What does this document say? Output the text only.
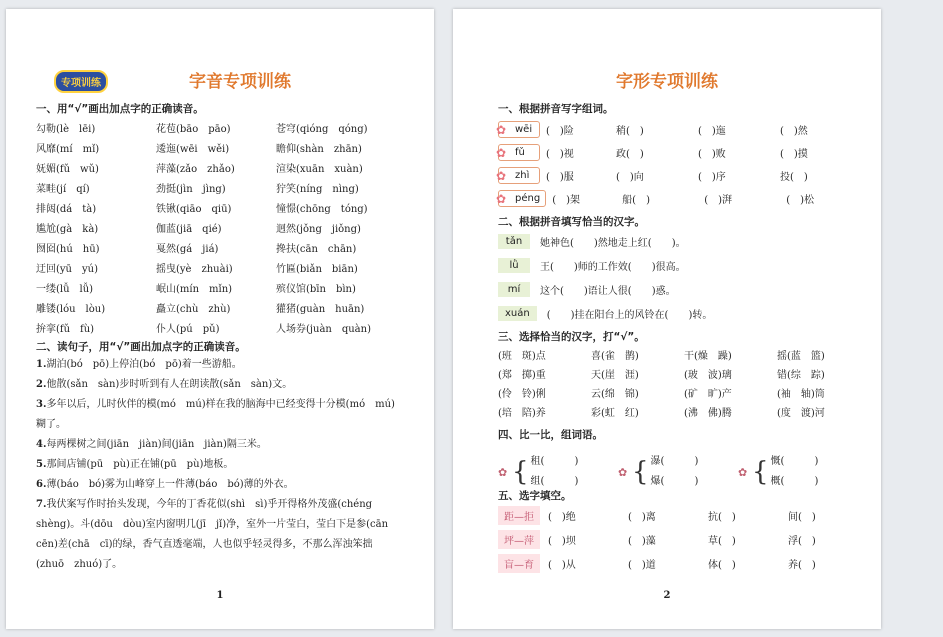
专项训练	字音专项训练
一、用“√”画出加点字的正确读音。
勾勒(lè　lēi)	花苞(bāo　pāo)	苍穹(qióng　qóng)
风靡(mí　mǐ)	逶迤(wēi　wěi)	瞻仰(shàn　zhān)
妩媚(fǔ　wǔ)	萍藻(zǎo　zhǎo)	渲染(xuān　xuàn)
菜畦(jí　qí)	劲挺(jìn　jìng)	狞笑(níng　nìng)
排闼(dá　tà)	铁锹(qiāo　qiū)	憧憬(chōng　tóng)
尴尬(gà　kà)	伽蓝(jiā　qié)	迥然(jǒng　jiǒng)
囫囵(hú　hū)	戛然(gá　jiá)	搀扶(cān　chān)
迂回(yū　yú)	摇曳(yè　zhuài)	竹匾(biǎn　biān)
一缕(lǚ　lǚ)	岷山(mín　mǐn)	殡仪馆(bīn　bìn)
雕镂(lóu　lòu)	矗立(chù　zhù)	獾猪(guàn　huān)
拚挛(fǔ　fù)	仆人(pú　pǔ)	人场券(juàn　quàn)
二、读句子，用“√”画出加点字的正确读音。
1.湖泊(bó　pō)上停泊(bó　pō)着一些游船。
2.他散(sǎn　sàn)步时听到有人在朗读散(sǎn　sàn)文。
3.多年以后，儿时伙伴的模(mó　mú)样在我的脑海中已经变得十分模(mó　mú)糊了。
4.每两棵树之间(jiān　jiàn)间(jiān　jiàn)隔三米。
5.那间店铺(pū　pù)正在铺(pū　pù)地板。
6.薄(báo　bó)雾为山峰穿上一件薄(báo　bó)薄的外衣。
7.我伏案写作时抬头发现，今年的丁香花似(shì　sì)乎开得格外茂盛(chéng　shèng)。斗(dōu　dòu)室内窗明几(jī　jǐ)净，室外一片莹白，莹白下是参(cān　cēn)差(chā　cī)的绿，香气直透毫端，人也似乎轻灵得多，不那么浑浊笨拙(zhuō　zhuó)了。
1
字形专项训练
一、根据拼音写字组词。
✿ wēi (　)险	稍(　)	(　)迤	(　)然
✿ fǔ (　)视	政(　)	(　)败	(　)摸
✿ zhì (　)服	(　)向	(　)序	投(　)
✿ péng (　)架	船(　)	(　)湃	(　)松
二、根据拼音填写恰当的汉字。
tǎn	她神色(　　)然地走上红(　　)。
lǜ	王(　　)师的工作效(　　)很高。
mí	这个(　　)语让人很(　　)惑。
xuán	(　　)挂在阳台上的风铃在(　　)转。
三、选择恰当的汉字，打“√”。
(班　斑)点	喜(雀　鹊)	干(燥　躁)	摇(蓝　篮)
(郑　掷)重	天(崖　涯)	(玻　波)璃	错(综　踪)
(伶　铃)俐	云(绵　锦)	(矿　旷)产	(袖　轴)筒
(培　陪)养	彩(虹　红)	(沸　佛)腾	(度　渡)河
四、比一比，组词语。
✿ { 租(　　　)
组(　　　)
✿ { 瀑(　　　)
爆(　　　)
✿ { 慨(　　　)
概(　　　)
五、选字填空。
距—拒	(　)绝	(　)离	抗(　)	间(　)
坪—萍	(　)坝	(　)藻	草(　)	浮(　)
盲—育	(　)从	(　)道	体(　)	养(　)
2
